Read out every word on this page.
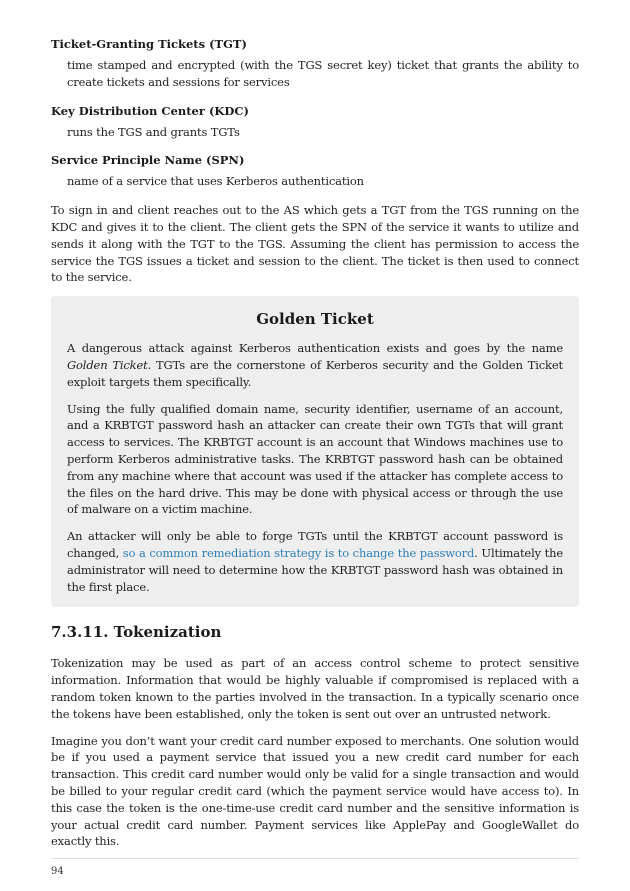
Ticket-Granting Tickets (TGT)

time stamped and encrypted (with the TGS secret key) ticket that grants the ability to create tickets and sessions for services

Key Distribution Center (KDC)

runs the TGS and grants TGTs

Service Principle Name (SPN)

name of a service that uses Kerberos authentication

To sign in and client reaches out to the AS which gets a TGT from the TGS running on the KDC and gives it to the client. The client gets the SPN of the service it wants to utilize and sends it along with the TGT to the TGS. Assuming the client has permission to access the service the TGS issues a ticket and session to the client. The ticket is then used to connect to the service.

Golden Ticket

A dangerous attack against Kerberos authentication exists and goes by the name Golden Ticket. TGTs are the cornerstone of Kerberos security and the Golden Ticket exploit targets them specifically.

Using the fully qualified domain name, security identifier, username of an account, and a KRBTGT password hash an attacker can create their own TGTs that will grant access to services. The KRBTGT account is an account that Windows machines use to perform Kerberos administrative tasks. The KRBTGT password hash can be obtained from any machine where that account was used if the attacker has complete access to the files on the hard drive. This may be done with physical access or through the use of malware on a victim machine.

An attacker will only be able to forge TGTs until the KRBTGT account password is changed, so a common remediation strategy is to change the password. Ultimately the administrator will need to determine how the KRBTGT password hash was obtained in the first place.

7.3.11. Tokenization

Tokenization may be used as part of an access control scheme to protect sensitive information. Information that would be highly valuable if compromised is replaced with a random token known to the parties involved in the transaction. In a typically scenario once the tokens have been established, only the token is sent out over an untrusted network.

Imagine you don’t want your credit card number exposed to merchants. One solution would be if you used a payment service that issued you a new credit card number for each transaction. This credit card number would only be valid for a single transaction and would be billed to your regular credit card (which the payment service would have access to). In this case the token is the one-time-use credit card number and the sensitive information is your actual credit card number. Payment services like ApplePay and GoogleWallet do exactly this.

94
